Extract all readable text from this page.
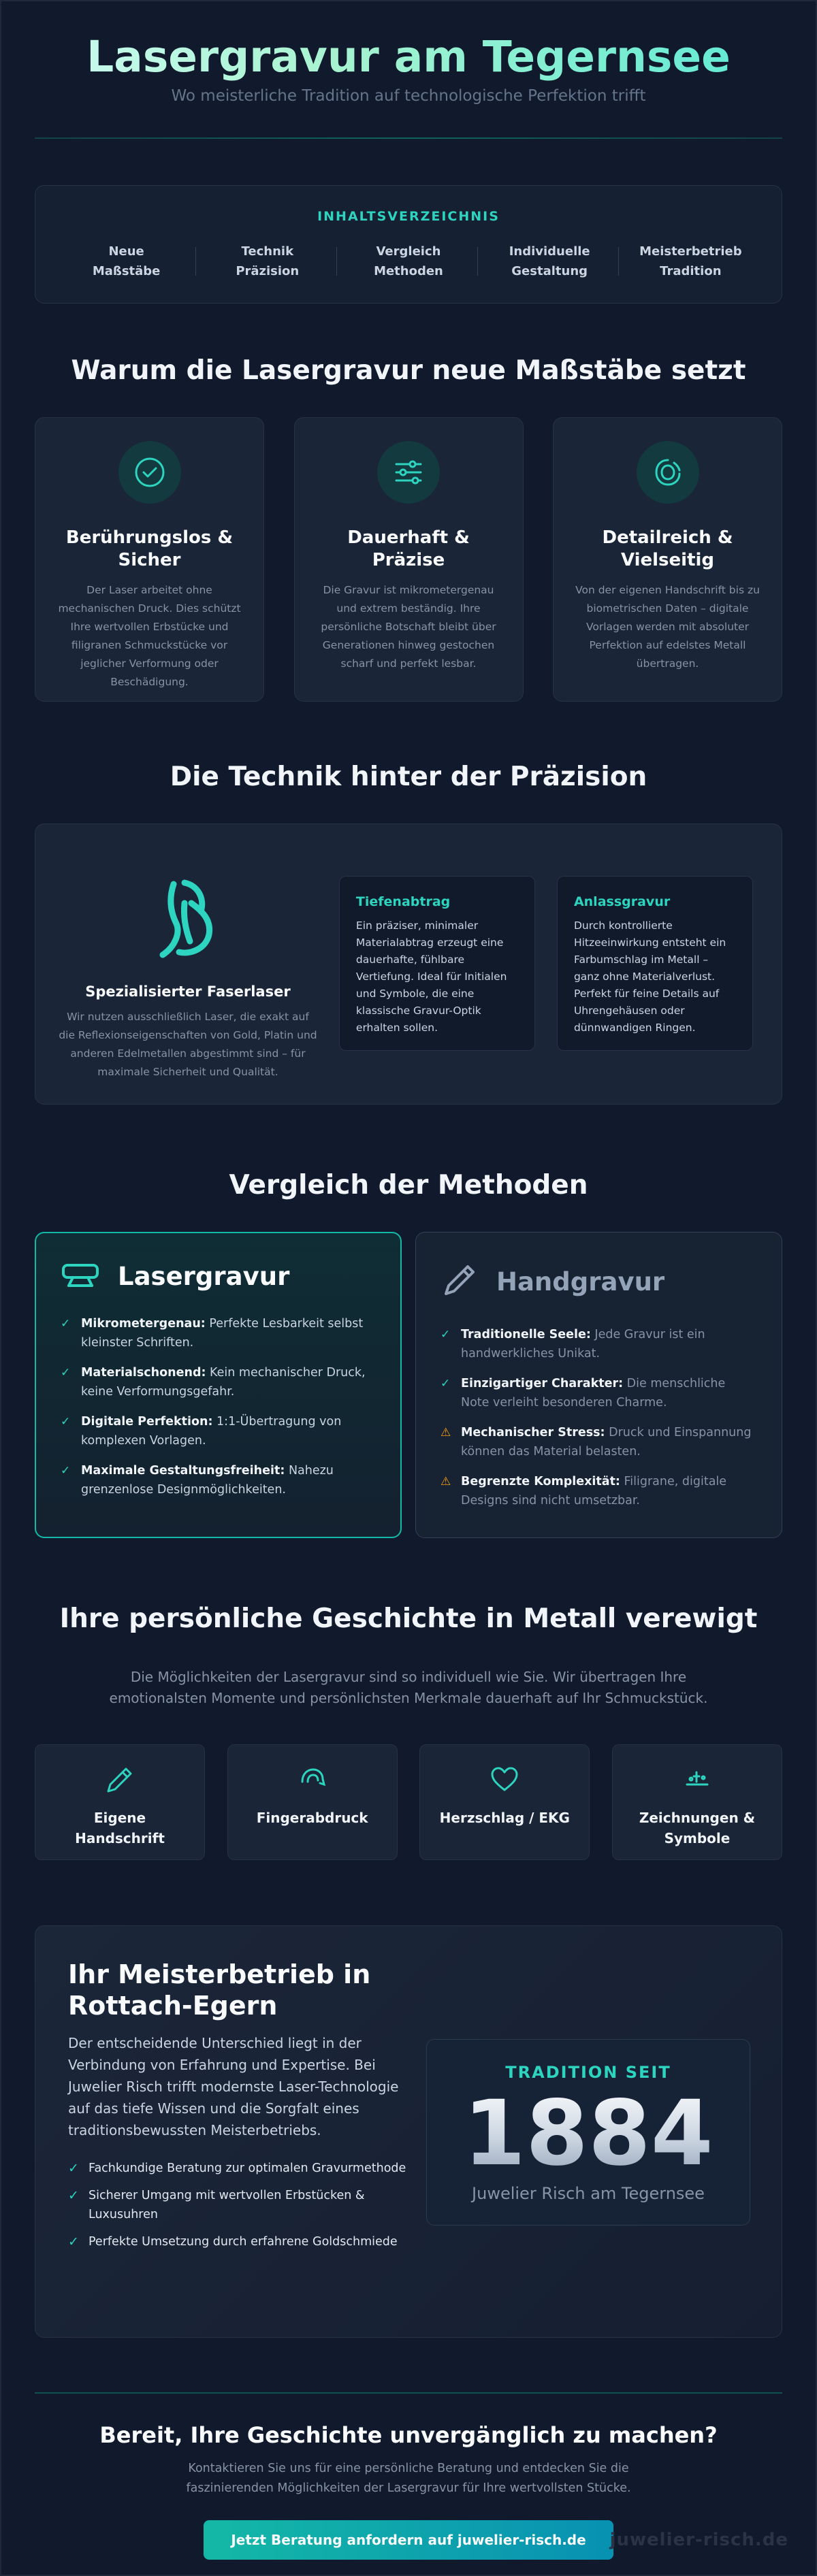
Lasergravur am Tegernsee
Wo meisterliche Tradition auf technologische Perfektion trifft
INHALTSVERZEICHNIS
Neue
Maßstäbe
Technik
Präzision
Vergleich
Methoden
Individuelle
Gestaltung
Meisterbetrieb
Tradition
Warum die Lasergravur neue Maßstäbe setzt
Berührungslos & Sicher

Der Laser arbeitet ohne mechanischen Druck. Dies schützt Ihre wertvollen Erbstücke und filigranen Schmuckstücke vor jeglicher Verformung oder Beschädigung.

Dauerhaft & Präzise

Die Gravur ist mikrometergenau und extrem beständig. Ihre persönliche Botschaft bleibt über Generationen hinweg gestochen scharf und perfekt lesbar.

Detailreich & Vielseitig

Von der eigenen Handschrift bis zu biometrischen Daten – digitale Vorlagen werden mit absoluter Perfektion auf edelstes Metall übertragen.

Die Technik hinter der Präzision
Spezialisierter Faserlaser

Wir nutzen ausschließlich Laser, die exakt auf die Reflexionseigenschaften von Gold, Platin und anderen Edelmetallen abgestimmt sind – für maximale Sicherheit und Qualität.

Tiefenabtrag

Ein präziser, minimaler Materialabtrag erzeugt eine dauerhafte, fühlbare Vertiefung. Ideal für Initialen und Symbole, die eine klassische Gravur-Optik erhalten sollen.

Anlassgravur

Durch kontrollierte Hitzeeinwirkung entsteht ein Farbumschlag im Metall – ganz ohne Materialverlust. Perfekt für feine Details auf Uhrengehäusen oder dünnwandigen Ringen.

Vergleich der Methoden
Lasergravur
✓ Mikrometergenau: Perfekte Lesbarkeit selbst kleinster Schriften.
✓ Materialschonend: Kein mechanischer Druck, keine Verformungsgefahr.
✓ Digitale Perfektion: 1:1-Übertragung von komplexen Vorlagen.
✓ Maximale Gestaltungsfreiheit: Nahezu grenzenlose Designmöglichkeiten.
Handgravur
✓ Traditionelle Seele: Jede Gravur ist ein handwerkliches Unikat.
✓ Einzigartiger Charakter: Die menschliche Note verleiht besonderen Charme.
⚠ Mechanischer Stress: Druck und Einspannung können das Material belasten.
⚠ Begrenzte Komplexität: Filigrane, digitale Designs sind nicht umsetzbar.
Ihre persönliche Geschichte in Metall verewigt
Die Möglichkeiten der Lasergravur sind so individuell wie Sie. Wir übertragen Ihre
emotionalsten Momente und persönlichsten Merkmale dauerhaft auf Ihr Schmuckstück.
Eigene
Handschrift
Fingerabdruck	Herzschlag / EKG	Zeichnungen &
Symbole
Ihr Meisterbetrieb in
Rottach-Egern

Der entscheidende Unterschied liegt in der Verbindung von Erfahrung und Expertise. Bei Juwelier Risch trifft modernste Laser-Technologie auf das tiefe Wissen und die Sorgfalt eines traditionsbewussten Meisterbetriebs.

✓ Fachkundige Beratung zur optimalen Gravurmethode
✓ Sicherer Umgang mit wertvollen Erbstücken & Luxusuhren
✓ Perfekte Umsetzung durch erfahrene Goldschmiede
TRADITION SEIT
1884
Juwelier Risch am Tegernsee
Bereit, Ihre Geschichte unvergänglich zu machen?

Kontaktieren Sie uns für eine persönliche Beratung und entdecken Sie die
faszinierenden Möglichkeiten der Lasergravur für Ihre wertvollsten Stücke.

Jetzt Beratung anfordern auf juwelier-risch.de	juwelier-risch.de
